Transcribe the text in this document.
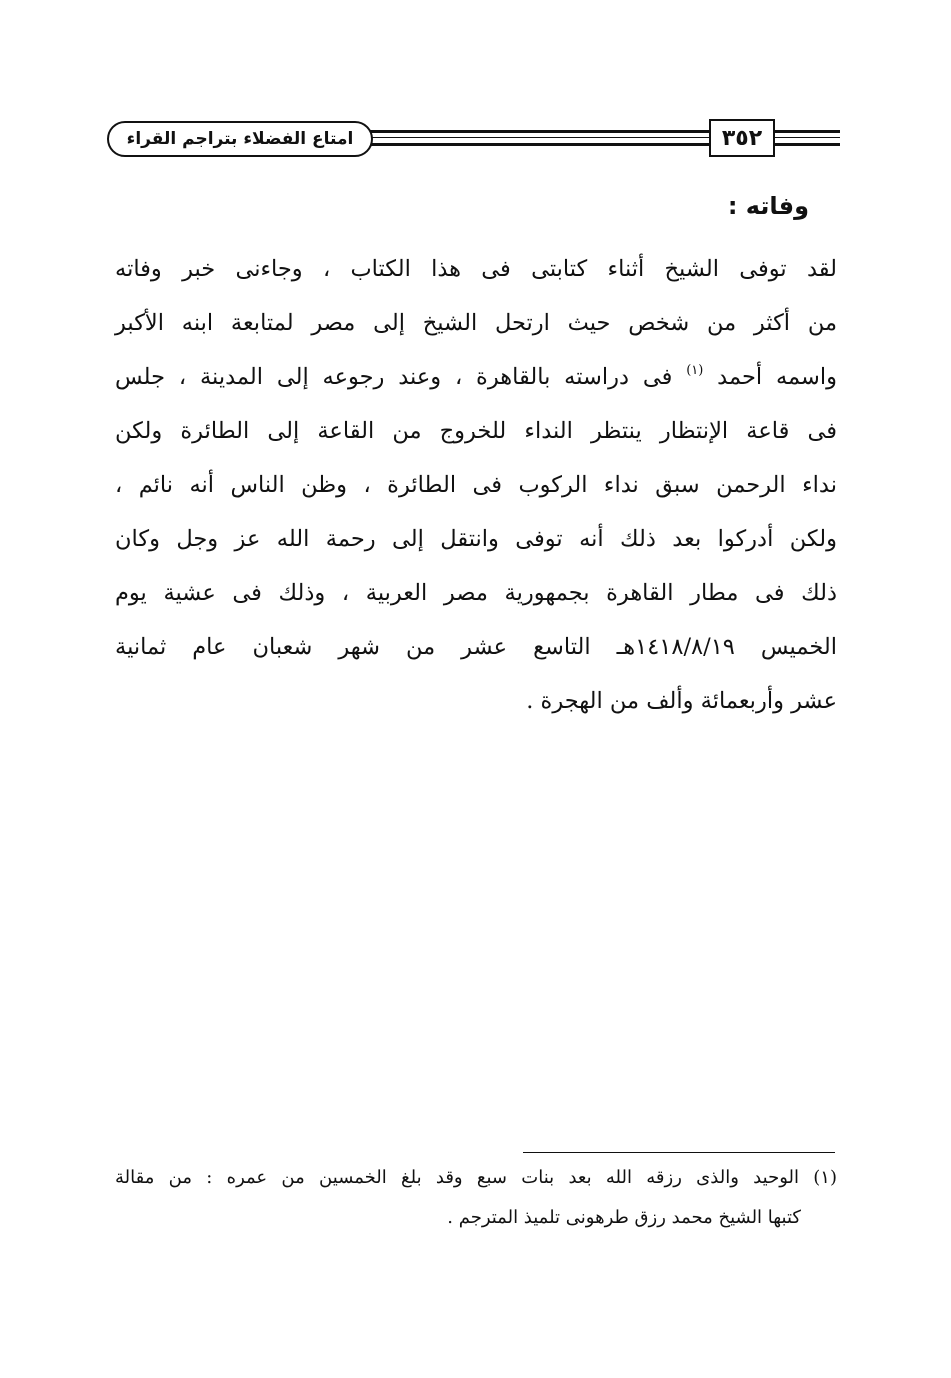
امتاع الفضلاء بتراجم القراء	٣٥٢
وفاته :
لقد توفى الشيخ أثناء كتابتى فى هذا الكتاب ، وجاءنى خبر وفاته
من أكثر من شخص حيث ارتحل الشيخ إلى مصر لمتابعة ابنه الأكبر
واسمه أحمد $^{(١)}$ فى دراسته بالقاهرة ، وعند رجوعه إلى المدينة ، جلس
فى قاعة الإنتظار ينتظر النداء للخروج من القاعة إلى الطائرة ولكن
نداء الرحمن سبق نداء الركوب فى الطائرة ، وظن الناس أنه نائم ،
ولكن أدركوا بعد ذلك أنه توفى وانتقل إلى رحمة الله عز وجل وكان
ذلك فى مطار القاهرة بجمهورية مصر العربية ، وذلك فى عشية يوم
الخميس ١٤١٨/٨/١٩هـ التاسع عشر من شهر شعبان عام ثمانية
عشر وأربعمائة وألف من الهجرة .
(١) الوحيد والذى رزقه الله بعد بنات سبع وقد بلغ الخمسين من عمره : من مقالة
كتبها الشيخ محمد رزق طرهونى تلميذ المترجم .
